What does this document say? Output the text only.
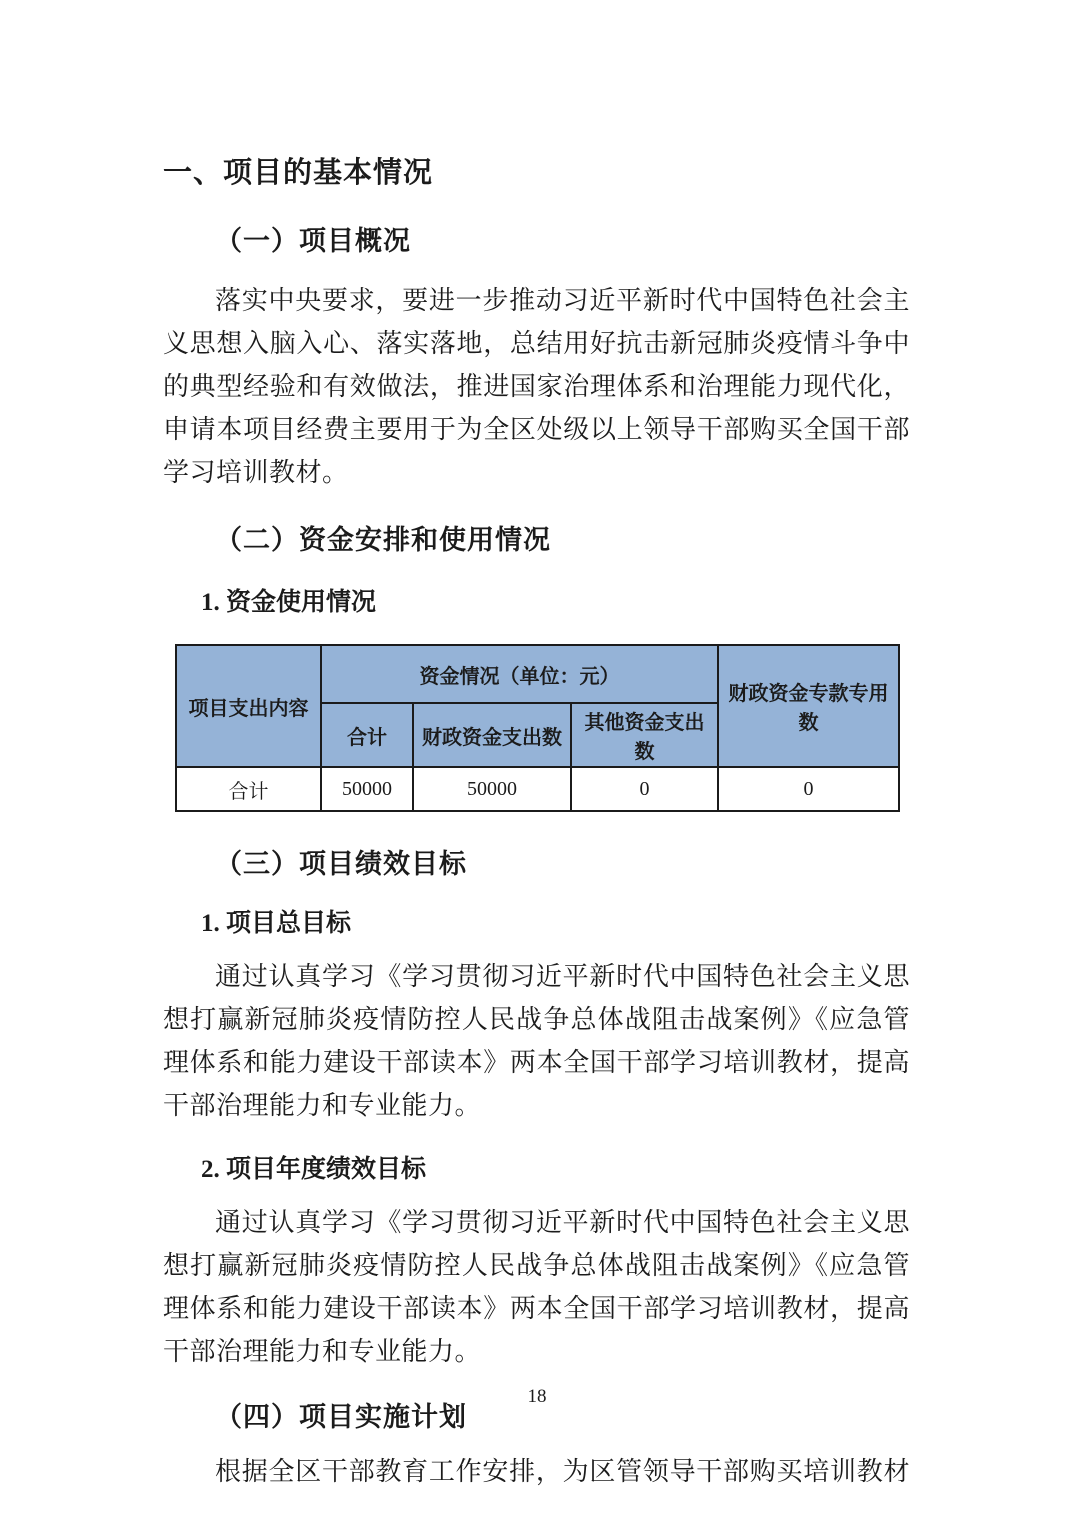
一、项目的基本情况
（一）项目概况

落实中央要求，要进一步推动习近平新时代中国特色社会主义思想入脑入心、落实落地，总结用好抗击新冠肺炎疫情斗争中的典型经验和有效做法，推进国家治理体系和治理能力现代化，申请本项目经费主要用于为全区处级以上领导干部购买全国干部学习培训教材。

（二）资金安排和使用情况
1. 资金使用情况
项目支出内容	资金情况（单位：元）			财政资金专款专用数
	合计	财政资金支出数	其他资金支出数	
合计	50000	50000	0	0
（三）项目绩效目标
1. 项目总目标

通过认真学习《学习贯彻习近平新时代中国特色社会主义思想打赢新冠肺炎疫情防控人民战争总体战阻击战案例》《应急管理体系和能力建设干部读本》两本全国干部学习培训教材，提高干部治理能力和专业能力。

2. 项目年度绩效目标

通过认真学习《学习贯彻习近平新时代中国特色社会主义思想打赢新冠肺炎疫情防控人民战争总体战阻击战案例》《应急管理体系和能力建设干部读本》两本全国干部学习培训教材，提高干部治理能力和专业能力。

（四）项目实施计划

根据全区干部教育工作安排，为区管领导干部购买培训教材

18
